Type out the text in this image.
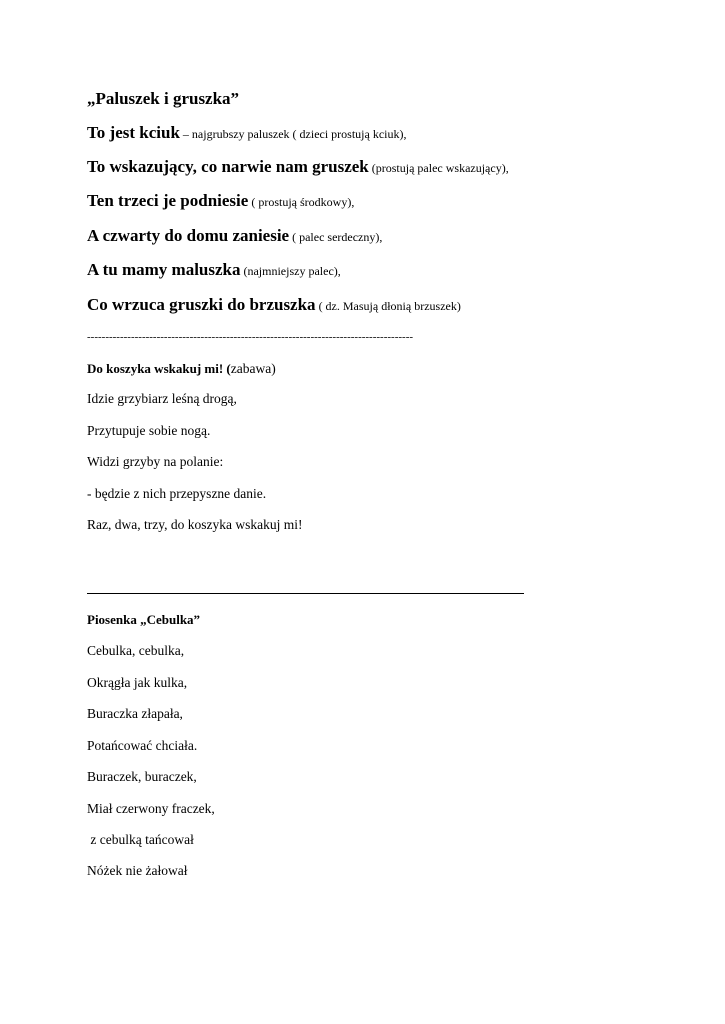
„Paluszek i gruszka”
To jest kciuk – najgrubszy paluszek ( dzieci prostują kciuk),
To wskazujący, co narwie nam gruszek (prostują palec wskazujący),
Ten trzeci je podniesie ( prostują środkowy),
A czwarty do domu zaniesie ( palec serdeczny),
A tu mamy maluszka (najmniejszy palec),
Co wrzuca gruszki do brzuszka ( dz. Masują dłonią brzuszek)
-----------------------------------------------------------------------------------------
Do koszyka wskakuj mi! (zabawa)
Idzie grzybiarz leśną drogą,
Przytupuje sobie nogą.
Widzi grzyby na polanie:
- będzie z nich przepyszne danie.
Raz, dwa, trzy, do koszyka wskakuj mi!
Piosenka „Cebulka”
Cebulka, cebulka,
Okrągła jak kulka,
Buraczka złapała,
Potańcować chciała.
Buraczek, buraczek,
Miał czerwony fraczek,
z cebulką tańcował
Nóżek nie żałował
